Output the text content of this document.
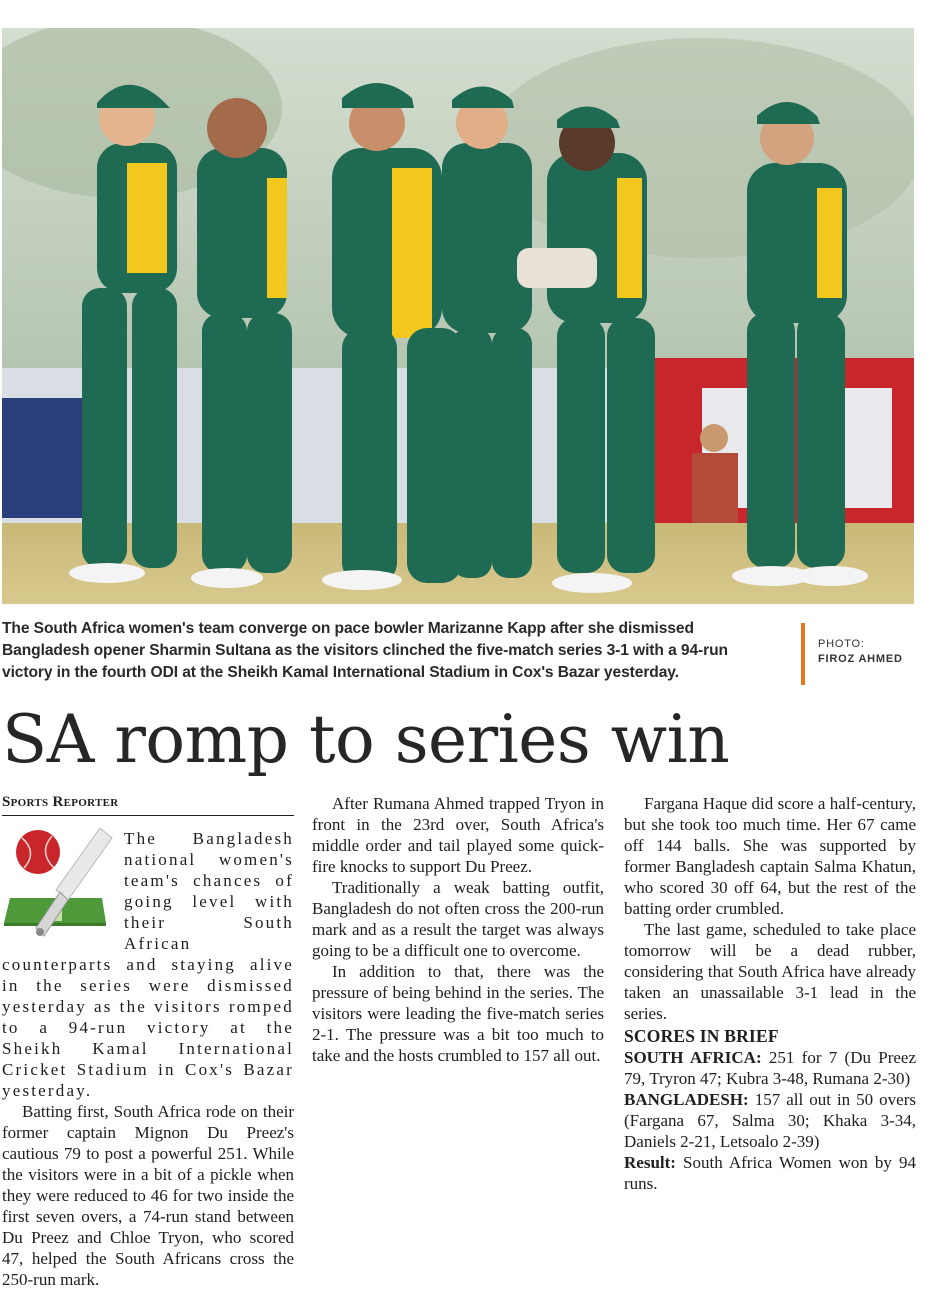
The South Africa women's team converge on pace bowler Marizanne Kapp after she dismissed Bangladesh opener Sharmin Sultana as the visitors clinched the five-match series 3-1 with a 94-run victory in the fourth ODI at the Sheikh Kamal International Stadium in Cox's Bazar yesterday.
PHOTO:
FIROZ AHMED
SA romp to series win
Sports Reporter

The Bangladesh national women's team's chances of going level with their South African counterparts and staying alive in the series were dismissed yesterday as the visitors romped to a 94-run victory at the Sheikh Kamal International Cricket Stadium in Cox's Bazar yesterday.

Batting first, South Africa rode on their former captain Mignon Du Preez's cautious 79 to post a powerful 251. While the visitors were in a bit of a pickle when they were reduced to 46 for two inside the first seven overs, a 74-run stand between Du Preez and Chloe Tryon, who scored 47, helped the South Africans cross the 250-run mark.

After Rumana Ahmed trapped Tryon in front in the 23rd over, South Africa's middle order and tail played some quick-fire knocks to support Du Preez.

Traditionally a weak batting outfit, Bangladesh do not often cross the 200-run mark and as a result the target was always going to be a difficult one to overcome.

In addition to that, there was the pressure of being behind in the series. The visitors were leading the five-match series 2-1. The pressure was a bit too much to take and the hosts crumbled to 157 all out.

Fargana Haque did score a half-century, but she took too much time. Her 67 came off 144 balls. She was supported by former Bangladesh captain Salma Khatun, who scored 30 off 64, but the rest of the batting order crumbled.

The last game, scheduled to take place tomorrow will be a dead rubber, considering that South Africa have already taken an unassailable 3-1 lead in the series.

SCORES IN BRIEF

SOUTH AFRICA: 251 for 7 (Du Preez 79, Tryron 47; Kubra 3-48, Rumana 2-30)

BANGLADESH: 157 all out in 50 overs (Fargana 67, Salma 30; Khaka 3-34, Daniels 2-21, Letsoalo 2-39)

Result: South Africa Women won by 94 runs.
